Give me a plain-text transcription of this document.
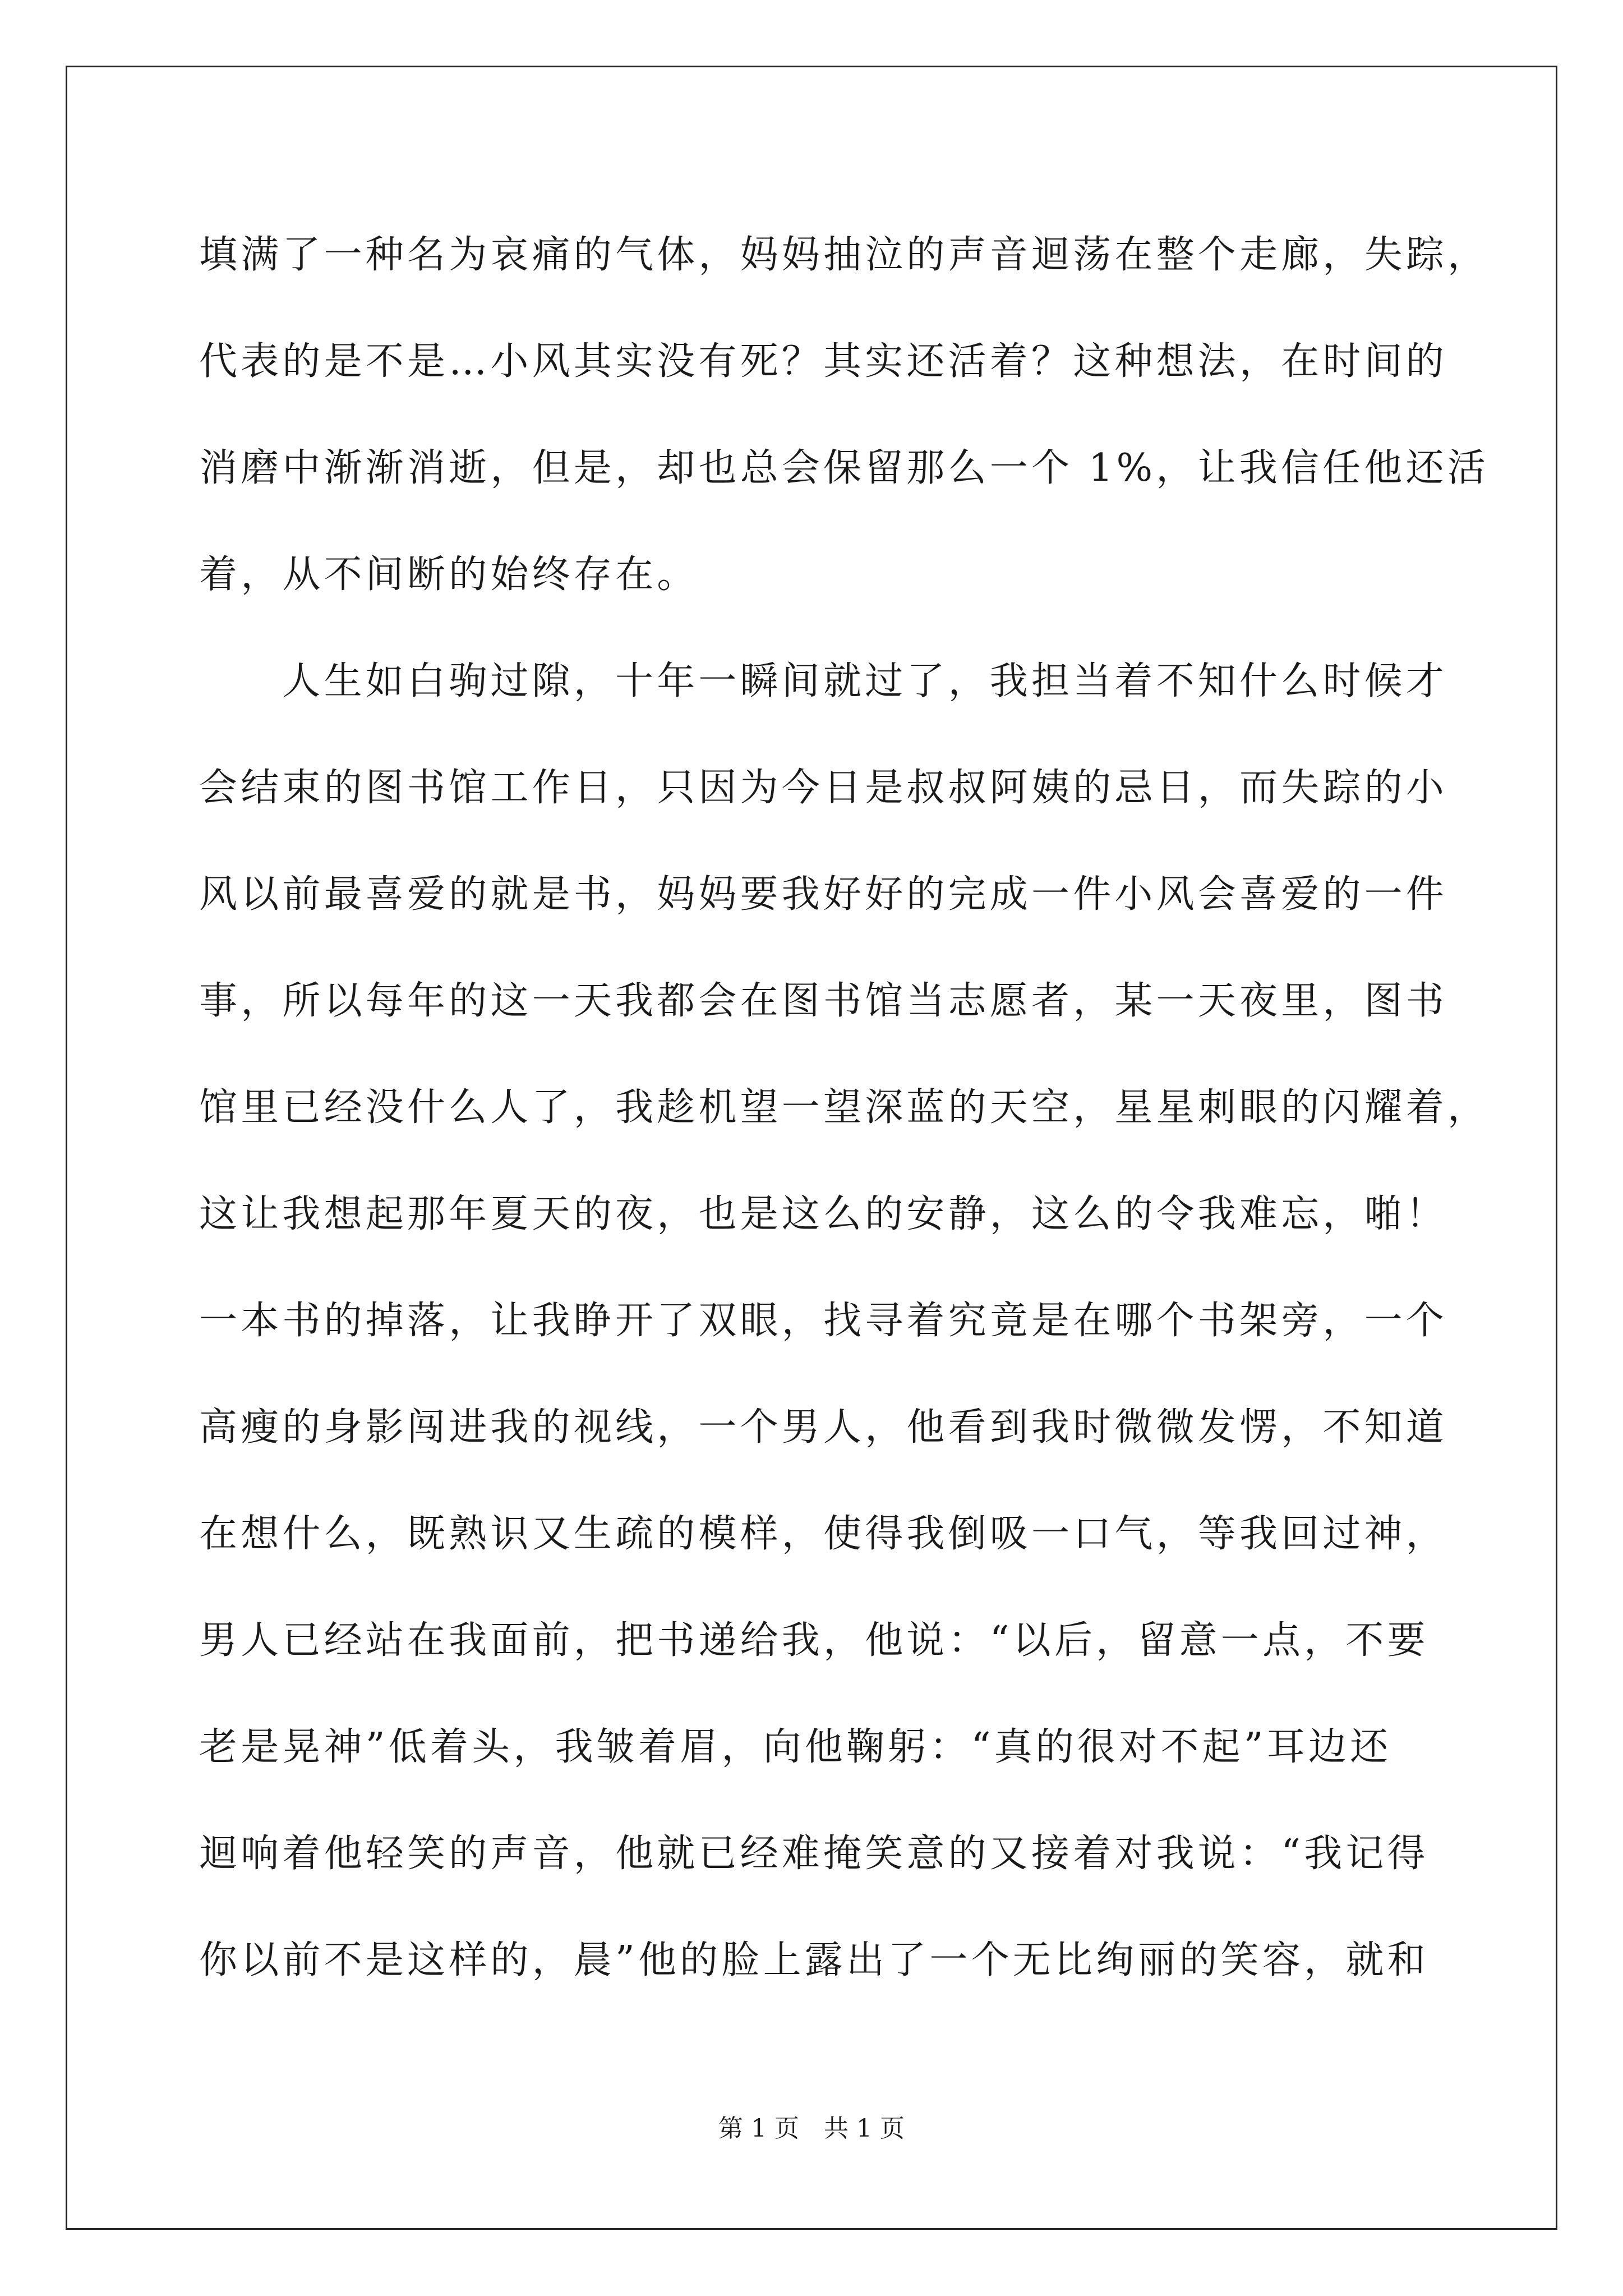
填满了一种名为哀痛的气体，妈妈抽泣的声音迴荡在整个走廊，失踪，
代表的是不是…小风其实没有死？其实还活着？这种想法，在时间的
消磨中渐渐消逝，但是，却也总会保留那么一个 1%，让我信任他还活
着，从不间断的始终存在。
　　人生如白驹过隙，十年一瞬间就过了，我担当着不知什么时候才
会结束的图书馆工作日，只因为今日是叔叔阿姨的忌日，而失踪的小
风以前最喜爱的就是书，妈妈要我好好的完成一件小风会喜爱的一件
事，所以每年的这一天我都会在图书馆当志愿者，某一天夜里，图书
馆里已经没什么人了，我趁机望一望深蓝的天空，星星刺眼的闪耀着，
这让我想起那年夏天的夜，也是这么的安静，这么的令我难忘，啪！
一本书的掉落，让我睁开了双眼，找寻着究竟是在哪个书架旁，一个
高瘦的身影闯进我的视线，一个男人，他看到我时微微发愣，不知道
在想什么，既熟识又生疏的模样，使得我倒吸一口气，等我回过神，
男人已经站在我面前，把书递给我，他说：“以后，留意一点，不要
老是晃神”低着头，我皱着眉，向他鞠躬：“真的很对不起”耳边还
迴响着他轻笑的声音，他就已经难掩笑意的又接着对我说：“我记得
你以前不是这样的，晨”他的脸上露出了一个无比绚丽的笑容，就和
第 1 页 共 1 页
